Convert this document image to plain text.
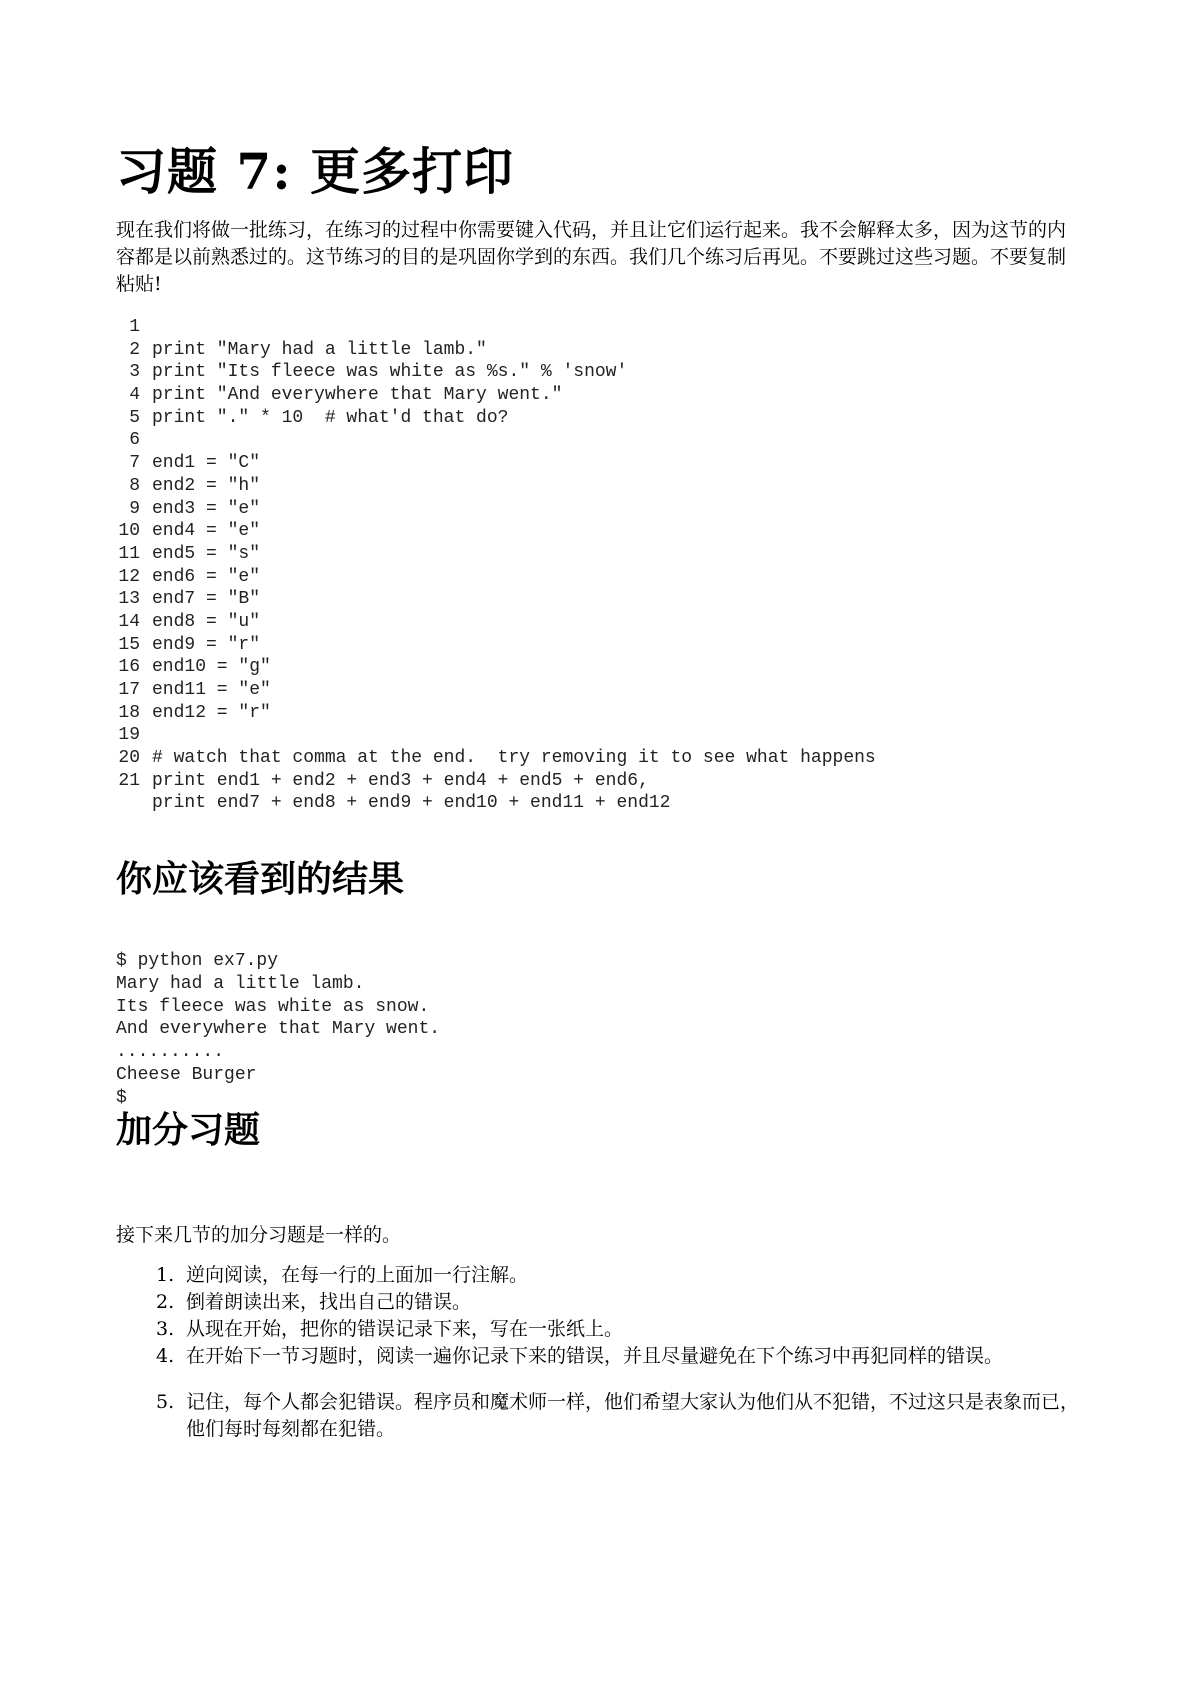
习题 7: 更多打印

现在我们将做一批练习，在练习的过程中你需要键入代码，并且让它们运行起来。我不会解释太多，因为这节的内容都是以前熟悉过的。这节练习的目的是巩固你学到的东西。我们几个练习后再见。不要跳过这些习题。不要复制粘贴!

1
2 print "Mary had a little lamb."
3 print "Its fleece was white as %s." % 'snow'
4 print "And everywhere that Mary went."
5 print "." * 10  # what'd that do?
6
7 end1 = "C"
8 end2 = "h"
9 end3 = "e"
10 end4 = "e"
11 end5 = "s"
12 end6 = "e"
13 end7 = "B"
14 end8 = "u"
15 end9 = "r"
16 end10 = "g"
17 end11 = "e"
18 end12 = "r"
19
20 # watch that comma at the end.  try removing it to see what happens
21 print end1 + end2 + end3 + end4 + end5 + end6,
print end7 + end8 + end9 + end10 + end11 + end12
你应该看到的结果
$ python ex7.py
Mary had a little lamb.
Its fleece was white as snow.
And everywhere that Mary went.
..........
Cheese Burger
$
加分习题

接下来几节的加分习题是一样的。

1. 逆向阅读，在每一行的上面加一行注解。
2. 倒着朗读出来，找出自己的错误。
3. 从现在开始，把你的错误记录下来，写在一张纸上。
4. 在开始下一节习题时，阅读一遍你记录下来的错误，并且尽量避免在下个练习中再犯同样的错误。
5. 记住，每个人都会犯错误。程序员和魔术师一样，他们希望大家认为他们从不犯错，不过这只是表象而已，他们每时每刻都在犯错。
